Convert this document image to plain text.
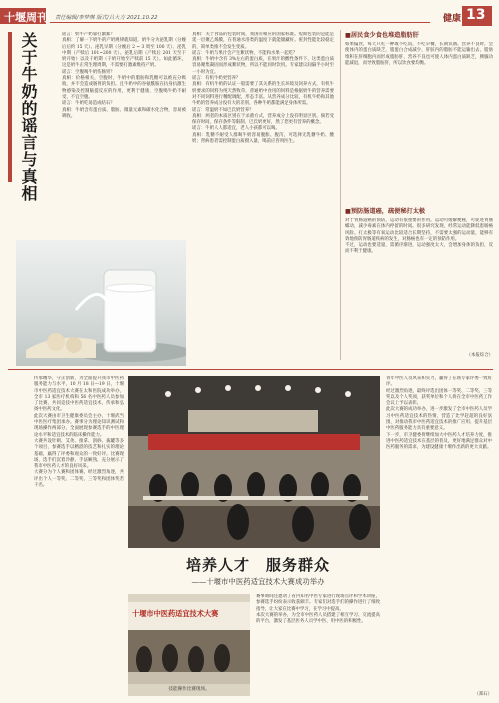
十堰周刊 责任编辑/李梦琳 版式/吕大方 2021.10.22	健康 13
关于牛奶的谣言与真相	谣言：奶牛产奶靠打激素？
真相：了解一下奶牛的产奶规律就知道，奶牛分为泌乳期（分娩后后约 15 天）、泌乳早期（分娩后 2 ~ 3 周至 100 天）、泌乳中期（产犊后 101~200 天）、泌乳后期（产犊后 201 天至干奶开始）以及干奶期（干奶开始至产犊前 15 天）。如此循环，这是奶牛正常生理周期，不需要打激素维持产奶。
谣言：空腹喝牛奶伤肠胃？
真相：价格相关，空腹时，牛奶中的脂肪和乳糖可以被充分吸收，并不会造成肠胃的负担。且牛奶中的谷氨酰胺在抗身抗激生物感染及控制脑提反应的作用，更利于健康，空腹喝牛奶不耐受、不宜空腹。
谣言：牛奶吃易造成结石？
真相：牛奶含有蛋白质、脂肪、微量元素和碳水化合物，容易被吸收。
真相：关于食品的包装时间，我国有相应的国家标准。短期包装的是能是延一层聚乙烯膜，在普通水浴类的温度下就能储藏好。密封性能比较稳定的，简单类推不会发生变质。
谣言：牛奶与果汁会产生絮状物，不能和水果一起吃？
真相：牛奶中含有 3%左右的蛋白质，在果汁的酸性条件下，这类蛋白质容易聚集凝固而形成絮状物，所以不能同时饮用。专家建议间隔半小时至一小时为宜。
谣言：有机牛奶更营养？
真相：有机牛奶的认证一般需要了其关系的生长环境及饲养方式，有机牛奶要求的饲料为纯天然牧草，普通奶中食用的饲料是根据奶牛的营养需要对不同饲料进行精配调配，形态丰富。从营养成分比较，有机牛奶和其他牛奶的营养成分没有大的差别，各种牛奶都能满足身体所需。
谣言：常温奶不如巴氏奶营养？
真相：两者的本质区别在于杀菌方式，营养成分上没有明显区别。倘若受保存时间，保存条件等限制，巴氏奶更好，然了您更有营养的概念。
谣言：牛奶人人都适宜，老人小孩都可以喝。
真相：乳糖不耐受人群喝牛奶容易腹胀、腹泻，可选择无乳糖牛奶、酸奶；肾病患者需控制蛋白质摄入量，喝前应咨询医生。
■居民食少食也堆造脂肪肝
如果偏食，每天只吃一种或不吃饭，不吃早餐，长期饥饿、营养不良时，会使体内的蛋白质缺乏，脂蛋白合成减少，肝脏内的脂肪不能运输出去，脂肪堆积在肝细胞内而形成脂肪肝，营养不良也可使人体内蛋白质缺乏，胰腺功能减退，而导致脂肪肝，所以饮食要均衡。
■预防肠道癌，疏便秘打太极
对于胃肠道癌的预防，运动有很重要的作用。运动可缓解便秘，可促进胃肠蠕动，减少毒素在体内停留的时间。很多研究发现，经常运动能降低患肠癌风险。打太极等有氧运动比较适合长期坚持，不需要太强的运动量，能够有效地预防胃肠道疾病的发生，对肠癌也有一定的预防作用。
不过，运动也要适量，需循序渐进，运动强度太大，会增加身体的负担，反而不利于健康。
（本报综合）
传承精华，守正创新，为全面提升我市中医药服务能力与水平，10 月 18 日—19 日，十堰市中医药适宜技术大赛在太和医院成功举办，全市 13 家医疗机构和 56 名中医药人员参加了比赛，共同竞技中医药适宜技术，传承和弘扬中医药文化。
此次大赛由市卫生健康委员会主办，十堰武当中医医疗集团承办。赛事分为理论知识测试和现场操作两部分，全面展现参赛选手的中医理论水平和适宜技术的临床操作能力。
大赛共设针刺、艾灸、推拿、刮痧、拔罐等多个项目，参赛选手以精湛的技艺和扎实的理论基础，赢得了评委和观众的一致好评。比赛现场，选手们沉着冷静、手法娴熟，充分展示了我市中医药人才的良好风采。
大赛分为个人赛和团体赛。经过激烈角逐，共评出个人一等奖、二等奖、三等奖和团体奖若干名。
培养人才　服务群众
——十堰市中医药适宜技术大赛成功举办
十堰市中医药适宜技术大赛
技能操作比赛现场。
赛事期间还邀请了省内知名中医专家进行现场点评和学术讲座，参赛选手纷纷表示收获颇丰。专家们对选手们的操作进行了细致指导，让大家在比赛中学习，在学习中提高。
本次大赛的举办，为全市中医药人员搭建了相互学习、交流提高的平台，激发了基层医务人员学中医、用中医的积极性。
青年中医人员风采和实力，赢得了在场专家评委一致好评。
经过激烈角逐，最终评选出团体一等奖、二等奖、三等奖以及个人奖项，获奖单位和个人将在全市中医药工作会议上予以表彰。
此次大赛的成功举办，进一步激发了全市中医药人员学习中医药适宜技术的热情，营造了比学赶超的良好氛围，对推动我市中医药适宜技术的推广应用、提升基层中医药服务能力具有重要意义。
下一步，市卫健委将继续加大中医药人才培养力度，推进中医药适宜技术在基层的普及，更好地满足群众对中医药服务的需求，为建设健康十堰作出新的更大贡献。
（郑石）
